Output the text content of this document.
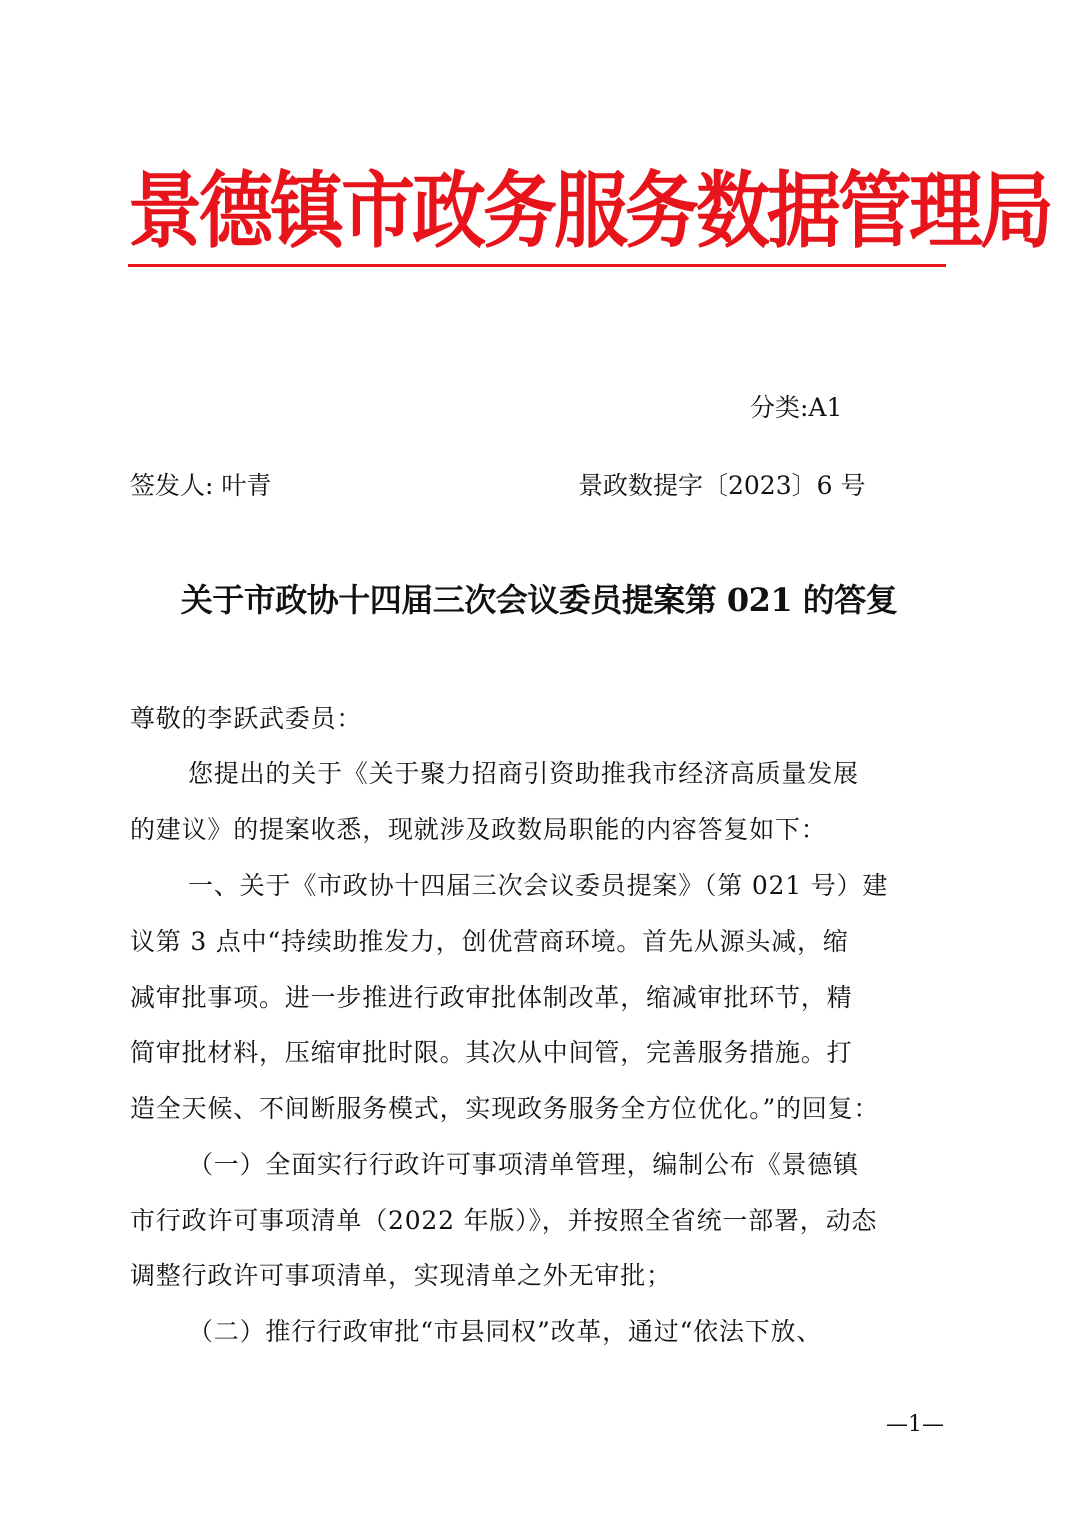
景德镇市政务服务数据管理局
分类:A1
签发人: 叶青	景政数提字〔2023〕6 号
关于市政协十四届三次会议委员提案第 021 的答复
尊敬的李跃武委员：
您提出的关于《关于聚力招商引资助推我市经济高质量发展
的建议》的提案收悉，现就涉及政数局职能的内容答复如下：
一、关于《市政协十四届三次会议委员提案》（第 021 号）建
议第 3 点中“持续助推发力，创优营商环境。首先从源头减，缩
减审批事项。进一步推进行政审批体制改革，缩减审批环节，精
简审批材料，压缩审批时限。其次从中间管，完善服务措施。打
造全天候、不间断服务模式，实现政务服务全方位优化。”的回复：
（一）全面实行行政许可事项清单管理，编制公布《景德镇
市行政许可事项清单（2022 年版）》，并按照全省统一部署，动态
调整行政许可事项清单，实现清单之外无审批；
（二）推行行政审批“市县同权”改革，通过“依法下放、
—1—
